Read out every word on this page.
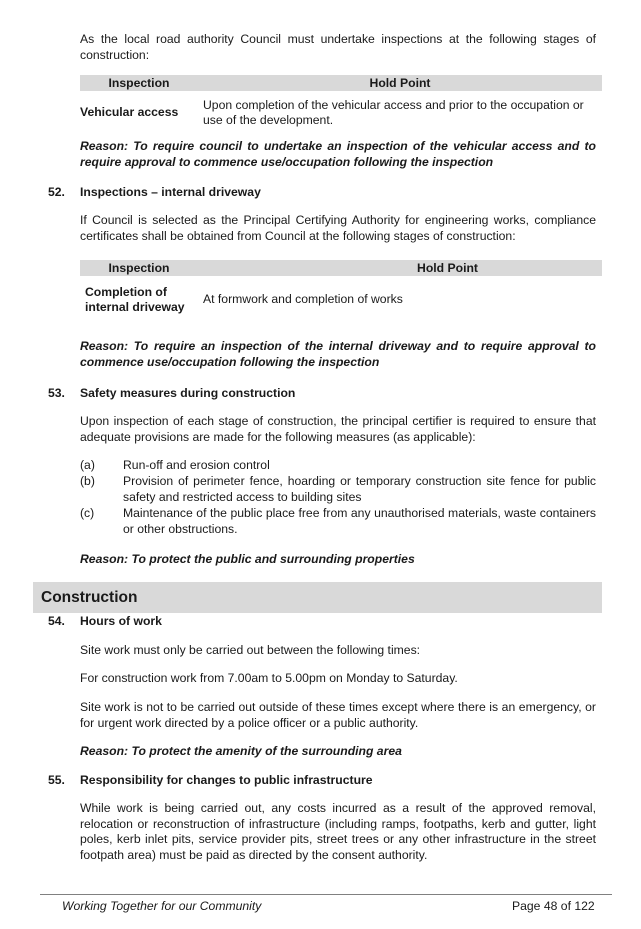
As the local road authority Council must undertake inspections at the following stages of construction:
Inspection	Hold Point
Vehicular access	Upon completion of the vehicular access and prior to the occupation or use of the development.
Reason: To require council to undertake an inspection of the vehicular access and to require approval to commence use/occupation following the inspection
52. Inspections – internal driveway
If Council is selected as the Principal Certifying Authority for engineering works, compliance certificates shall be obtained from Council at the following stages of construction:
Inspection	Hold Point
Completion of internal driveway	At formwork and completion of works
Reason: To require an inspection of the internal driveway and to require approval to commence use/occupation following the inspection
53. Safety measures during construction
Upon inspection of each stage of construction, the principal certifier is required to ensure that adequate provisions are made for the following measures (as applicable):
(a) Run-off and erosion control
(b) Provision of perimeter fence, hoarding or temporary construction site fence for public safety and restricted access to building sites
(c) Maintenance of the public place free from any unauthorised materials, waste containers or other obstructions.
Reason: To protect the public and surrounding properties
Construction
54. Hours of work
Site work must only be carried out between the following times:
For construction work from 7.00am to 5.00pm on Monday to Saturday.
Site work is not to be carried out outside of these times except where there is an emergency, or for urgent work directed by a police officer or a public authority.
Reason: To protect the amenity of the surrounding area
55. Responsibility for changes to public infrastructure
While work is being carried out, any costs incurred as a result of the approved removal, relocation or reconstruction of infrastructure (including ramps, footpaths, kerb and gutter, light poles, kerb inlet pits, service provider pits, street trees or any other infrastructure in the street footpath area) must be paid as directed by the consent authority.
Working Together for our Community	Page 48 of 122
